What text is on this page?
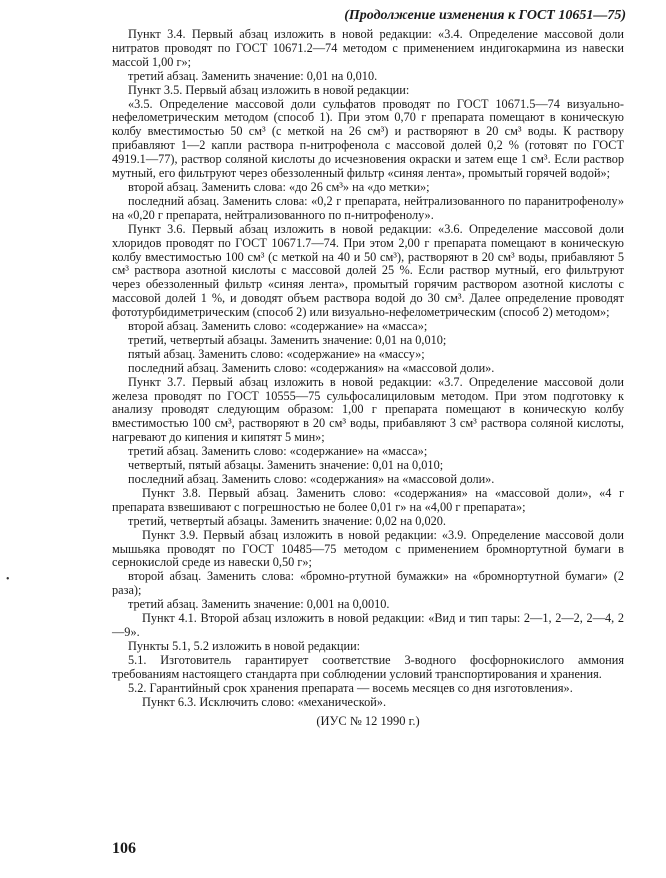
(Продолжение изменения к ГОСТ 10651—75)
•

Пункт 3.4. Первый абзац изложить в новой редакции: «3.4. Определение массовой доли нитратов проводят по ГОСТ 10671.2—74 методом с применением индигокармина из навески массой 1,00 г»;

третий абзац. Заменить значение: 0,01 на 0,010.

Пункт 3.5. Первый абзац изложить в новой редакции:

«3.5. Определение массовой доли сульфатов проводят по ГОСТ 10671.5—74 визуально-нефелометрическим методом (способ 1). При этом 0,70 г препарата помещают в коническую колбу вместимостью 50 см³ (с меткой на 26 см³) и растворяют в 20 см³ воды. К раствору прибавляют 1—2 капли раствора п-нитрофенола с массовой долей 0,2 % (готовят по ГОСТ 4919.1—77), раствор соляной кислоты до исчезновения окраски и затем еще 1 см³. Если раствор мутный, его фильтруют через обеззоленный фильтр «синяя лента», промытый горячей водой»;

второй абзац. Заменить слова: «до 26 см³» на «до метки»;

последний абзац. Заменить слова: «0,2 г препарата, нейтрализованного по паранитрофенолу» на «0,20 г препарата, нейтрализованного по п-нитрофенолу».

Пункт 3.6. Первый абзац изложить в новой редакции: «3.6. Определение массовой доли хлоридов проводят по ГОСТ 10671.7—74. При этом 2,00 г препарата помещают в коническую колбу вместимостью 100 см³ (с меткой на 40 и 50 см³), растворяют в 20 см³ воды, прибавляют 5 см³ раствора азотной кислоты с массовой долей 25 %. Если раствор мутный, его фильтруют через обеззоленный фильтр «синяя лента», промытый горячим раствором азотной кислоты с массовой долей 1 %, и доводят объем раствора водой до 30 см³. Далее определение проводят фототурбидиметрическим (способ 2) или визуально-нефелометрическим (способ 2) методом»;

второй абзац. Заменить слово: «содержание» на «масса»;

третий, четвертый абзацы. Заменить значение: 0,01 на 0,010;

пятый абзац. Заменить слово: «содержание» на «массу»;

последний абзац. Заменить слово: «содержания» на «массовой доли».

Пункт 3.7. Первый абзац изложить в новой редакции: «3.7. Определение массовой доли железа проводят по ГОСТ 10555—75 сульфосалициловым методом. При этом подготовку к анализу проводят следующим образом: 1,00 г препарата помещают в коническую колбу вместимостью 100 см³, растворяют в 20 см³ воды, прибавляют 3 см³ раствора соляной кислоты, нагревают до кипения и кипятят 5 мин»;

третий абзац. Заменить слово: «содержание» на «масса»;

четвертый, пятый абзацы. Заменить значение: 0,01 на 0,010;

последний абзац. Заменить слово: «содержания» на «массовой доли».

Пункт 3.8. Первый абзац. Заменить слово: «содержания» на «массовой доли», «4 г препарата взвешивают с погрешностью не более 0,01 г» на «4,00 г препарата»;

третий, четвертый абзацы. Заменить значение: 0,02 на 0,020.

Пункт 3.9. Первый абзац изложить в новой редакции: «3.9. Определение массовой доли мышьяка проводят по ГОСТ 10485—75 методом с применением бромнортутной бумаги в сернокислой среде из навески 0,50 г»;

второй абзац. Заменить слова: «бромно-ртутной бумажки» на «бромнортутной бумаги» (2 раза);

третий абзац. Заменить значение: 0,001 на 0,0010.

Пункт 4.1. Второй абзац изложить в новой редакции: «Вид и тип тары: 2—1, 2—2, 2—4, 2—9».

Пункты 5.1, 5.2 изложить в новой редакции:

5.1. Изготовитель гарантирует соответствие 3-водного фосфорнокислого аммония требованиям настоящего стандарта при соблюдении условий транспортирования и хранения.

5.2. Гарантийный срок хранения препарата — восемь месяцев со дня изготовления».

Пункт 6.3. Исключить слово: «механической».

(ИУС № 12 1990 г.)

106
